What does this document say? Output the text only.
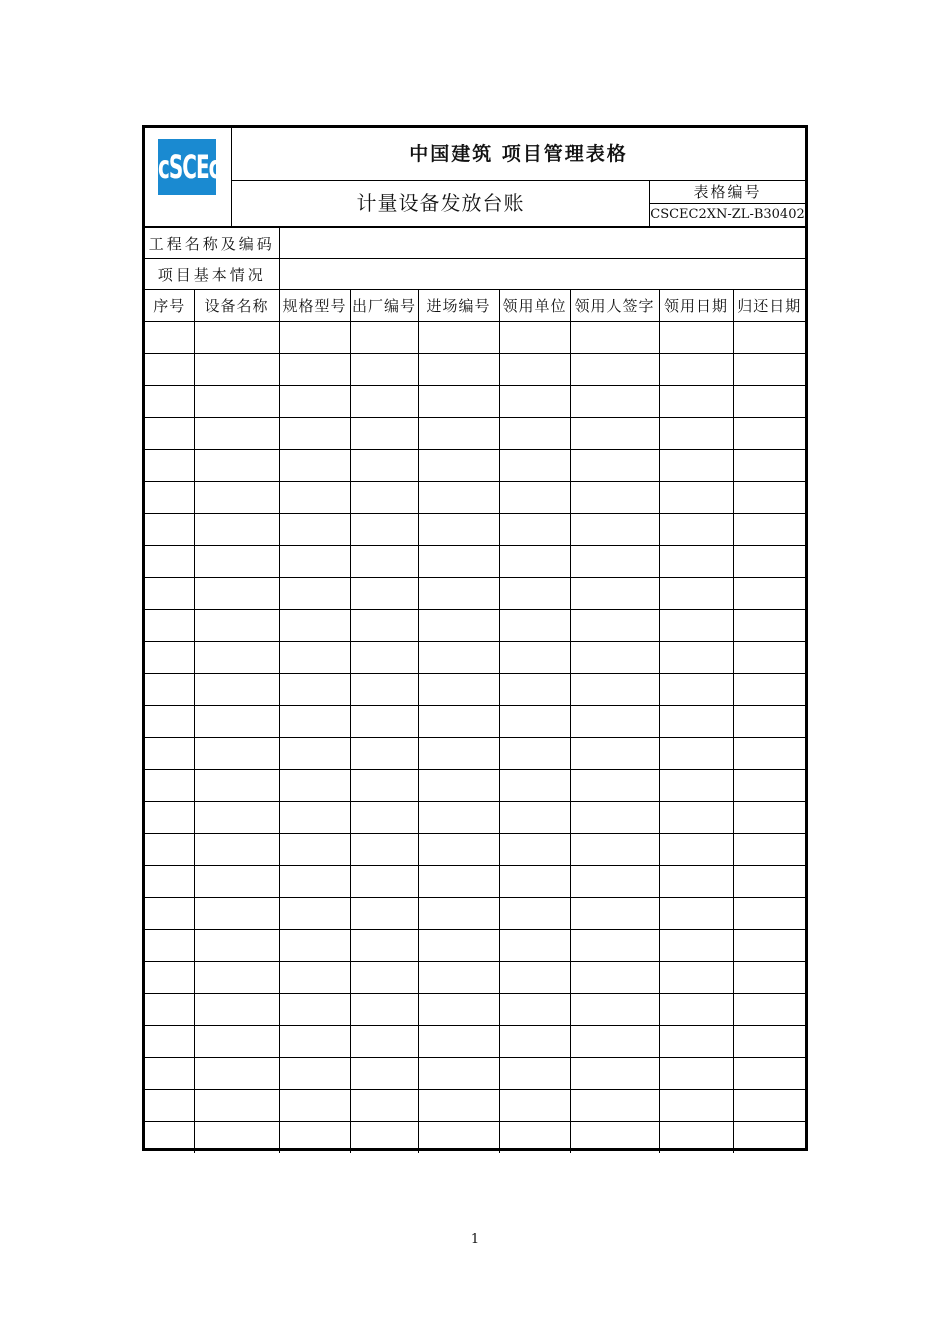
cSCEc	中国建筑 项目管理表格
计量设备发放台账	表格编号
CSCEC2XN-ZL-B30402
工程名称及编码								
项目基本情况								
序号	设备名称	规格型号	出厂编号	进场编号	领用单位	领用人签字	领用日期	归还日期

1
